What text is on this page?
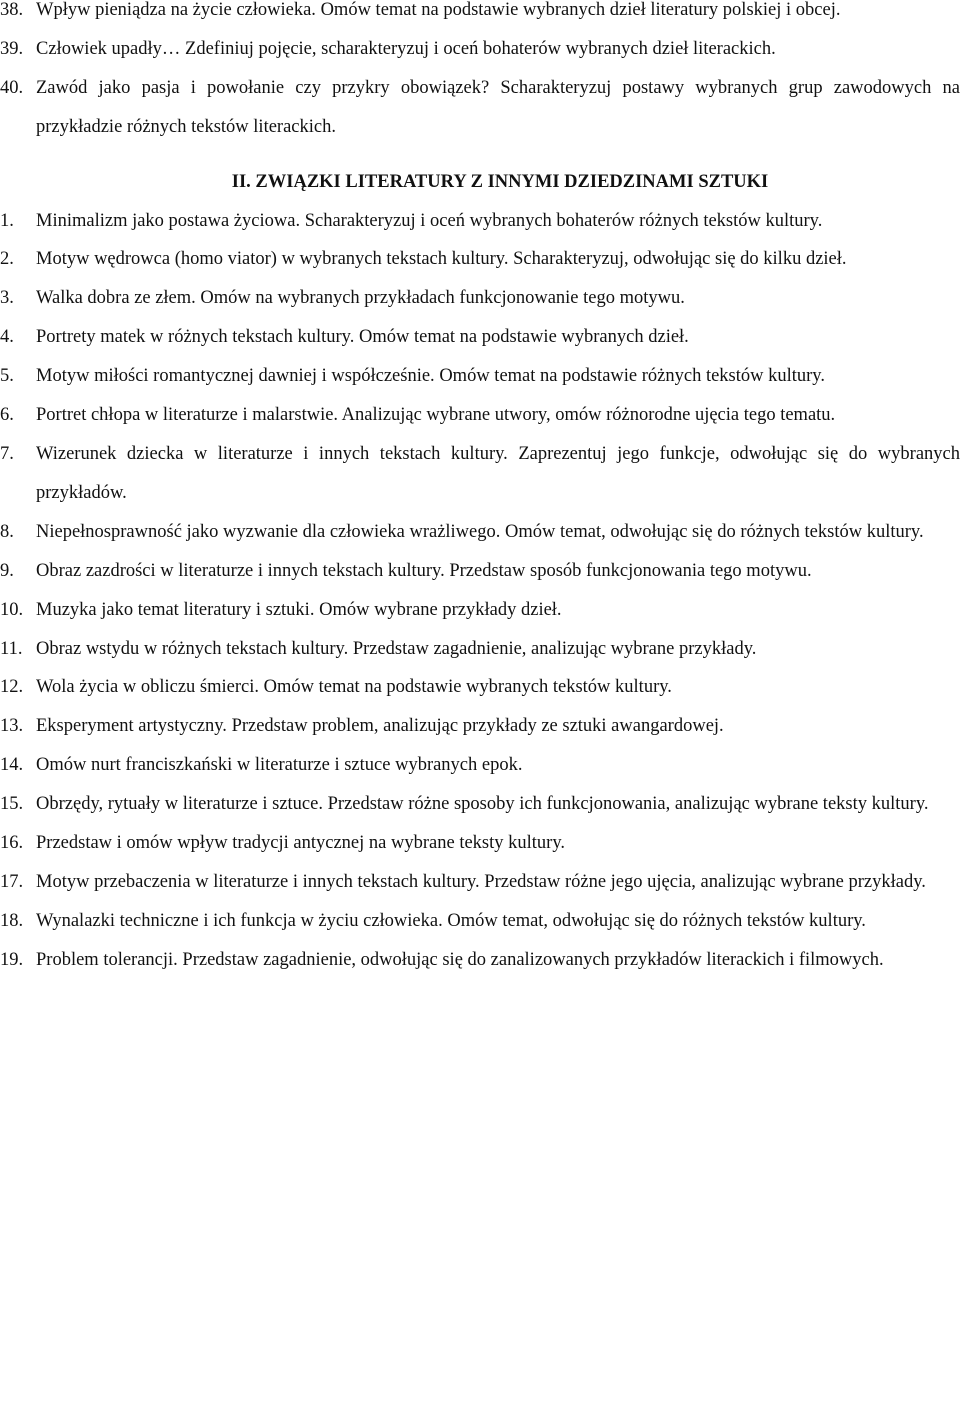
38. Wpływ pieniądza na życie człowieka. Omów temat na podstawie wybranych dzieł literatury polskiej i obcej.
39. Człowiek upadły… Zdefiniuj pojęcie, scharakteryzuj i oceń bohaterów wybranych dzieł literackich.
40. Zawód jako pasja i powołanie czy przykry obowiązek? Scharakteryzuj postawy wybranych grup zawodowych na przykładzie różnych tekstów literackich.
II. ZWIĄZKI LITERATURY Z INNYMI DZIEDZINAMI SZTUKI
1.	Minimalizm jako postawa życiowa. Scharakteryzuj i oceń wybranych bohaterów różnych tekstów kultury.
2.	Motyw wędrowca (homo viator) w wybranych tekstach kultury. Scharakteryzuj, odwołując się do kilku dzieł.
3.	Walka dobra ze złem. Omów na wybranych przykładach funkcjonowanie tego motywu.
4.	Portrety matek w różnych tekstach kultury. Omów temat na podstawie wybranych dzieł.
5.	Motyw miłości romantycznej dawniej i współcześnie. Omów temat na podstawie różnych tekstów kultury.
6.	Portret chłopa w literaturze i malarstwie. Analizując wybrane utwory, omów różnorodne ujęcia tego tematu.
7.	Wizerunek dziecka w literaturze i innych tekstach kultury. Zaprezentuj jego funkcje, odwołując się do wybranych przykładów.
8.	Niepełnosprawność jako wyzwanie dla człowieka wrażliwego. Omów temat, odwołując się do różnych tekstów kultury.
9.	Obraz zazdrości w literaturze i innych tekstach kultury. Przedstaw sposób funkcjonowania tego motywu.
10. Muzyka jako temat literatury i sztuki. Omów wybrane przykłady dzieł.
11. Obraz wstydu w różnych tekstach kultury. Przedstaw zagadnienie, analizując wybrane przykłady.
12. Wola życia w obliczu śmierci. Omów temat na podstawie wybranych tekstów kultury.
13. Eksperyment artystyczny. Przedstaw problem, analizując przykłady ze sztuki awangardowej.
14. Omów nurt franciszkański w literaturze i sztuce wybranych epok.
15. Obrzędy, rytuały w literaturze i sztuce. Przedstaw różne sposoby ich funkcjonowania, analizując wybrane teksty kultury.
16. Przedstaw i omów wpływ tradycji antycznej na wybrane teksty kultury.
17. Motyw przebaczenia w literaturze i innych tekstach kultury. Przedstaw różne jego ujęcia, analizując wybrane przykłady.
18. Wynalazki techniczne i ich funkcja w życiu człowieka. Omów temat, odwołując się do różnych tekstów kultury.
19. Problem tolerancji. Przedstaw zagadnienie, odwołując się do zanalizowanych przykładów literackich i filmowych.
